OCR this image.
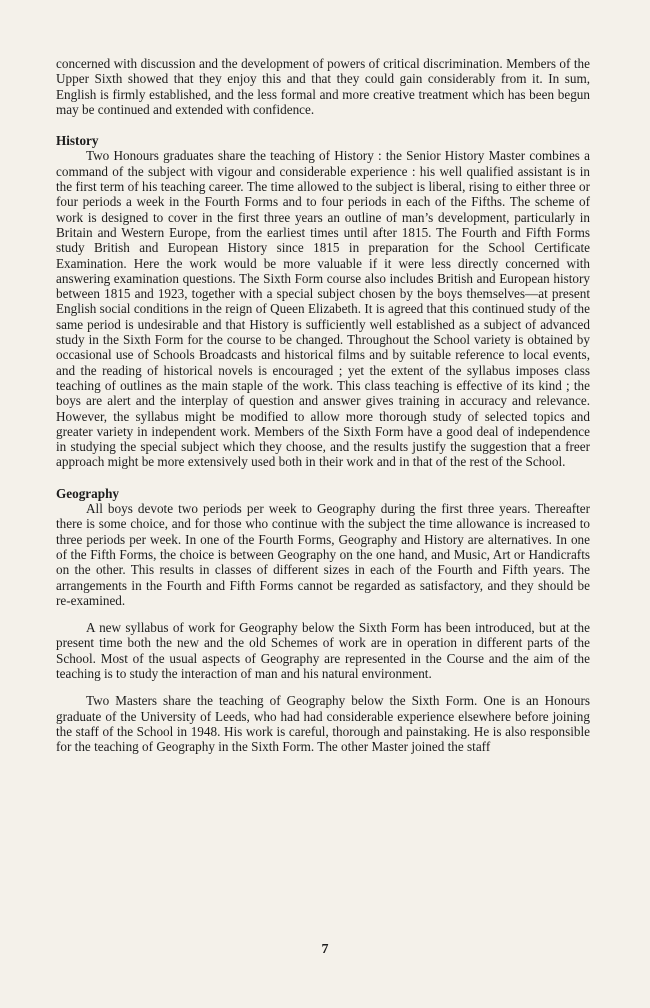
concerned with discussion and the development of powers of critical discrimination. Members of the Upper Sixth showed that they enjoy this and that they could gain considerably from it. In sum, English is firmly established, and the less formal and more creative treatment which has been begun may be continued and extended with confidence.

History

Two Honours graduates share the teaching of History : the Senior History Master combines a command of the subject with vigour and considerable experience : his well qualified assistant is in the first term of his teaching career. The time allowed to the subject is liberal, rising to either three or four periods a week in the Fourth Forms and to four periods in each of the Fifths. The scheme of work is designed to cover in the first three years an outline of man’s development, particularly in Britain and Western Europe, from the earliest times until after 1815. The Fourth and Fifth Forms study British and European History since 1815 in preparation for the School Certificate Examination. Here the work would be more valuable if it were less directly concerned with answering examination questions. The Sixth Form course also includes British and European history between 1815 and 1923, together with a special subject chosen by the boys themselves—at present English social conditions in the reign of Queen Elizabeth. It is agreed that this continued study of the same period is undesirable and that History is sufficiently well established as a subject of advanced study in the Sixth Form for the course to be changed. Throughout the School variety is obtained by occasional use of Schools Broadcasts and historical films and by suitable reference to local events, and the reading of historical novels is encouraged ; yet the extent of the syllabus imposes class teaching of outlines as the main staple of the work. This class teaching is effective of its kind ; the boys are alert and the interplay of question and answer gives training in accuracy and relevance. However, the syllabus might be modified to allow more thorough study of selected topics and greater variety in independent work. Members of the Sixth Form have a good deal of independence in studying the special subject which they choose, and the results justify the suggestion that a freer approach might be more extensively used both in their work and in that of the rest of the School.

Geography

All boys devote two periods per week to Geography during the first three years. Thereafter there is some choice, and for those who continue with the subject the time allowance is increased to three periods per week. In one of the Fourth Forms, Geography and History are alternatives. In one of the Fifth Forms, the choice is between Geography on the one hand, and Music, Art or Handicrafts on the other. This results in classes of different sizes in each of the Fourth and Fifth years. The arrangements in the Fourth and Fifth Forms cannot be regarded as satisfactory, and they should be re-examined.

A new syllabus of work for Geography below the Sixth Form has been introduced, but at the present time both the new and the old Schemes of work are in operation in different parts of the School. Most of the usual aspects of Geography are represented in the Course and the aim of the teaching is to study the interaction of man and his natural environment.

Two Masters share the teaching of Geography below the Sixth Form. One is an Honours graduate of the University of Leeds, who had had considerable experience elsewhere before joining the staff of the School in 1948. His work is careful, thorough and painstaking. He is also responsible for the teaching of Geography in the Sixth Form. The other Master joined the staff

7
